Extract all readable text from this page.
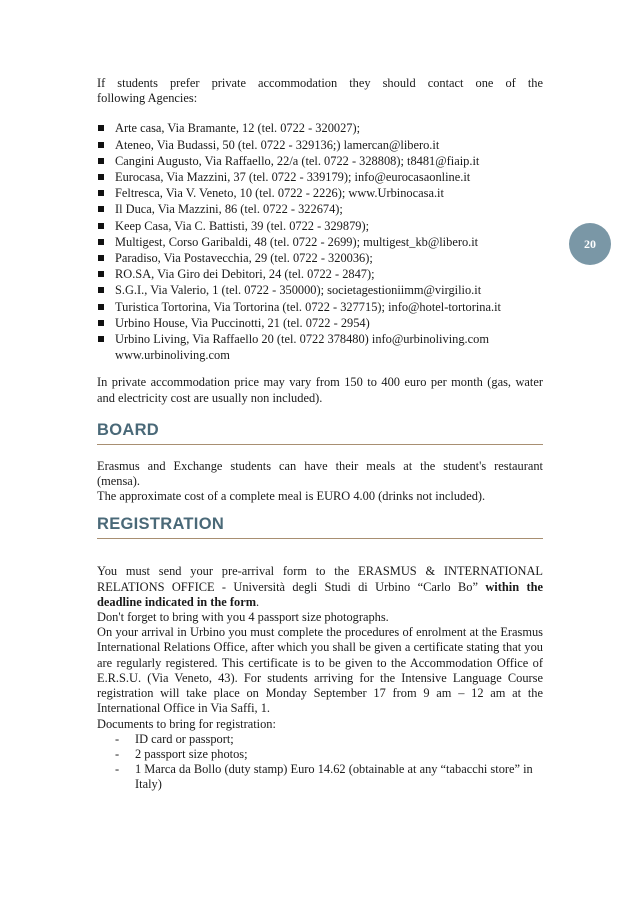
20

If students prefer private accommodation they should contact one of the

following Agencies:

Arte casa, Via Bramante, 12 (tel. 0722 - 320027);
Ateneo, Via Budassi, 50 (tel. 0722 - 329136;) lamercan@libero.it
Cangini Augusto, Via Raffaello, 22/a (tel. 0722 - 328808); t8481@fiaip.it
Eurocasa, Via Mazzini, 37 (tel. 0722 - 339179); info@eurocasaonline.it
Feltresca, Via V. Veneto, 10 (tel. 0722 - 2226); www.Urbinocasa.it
Il Duca, Via Mazzini, 86 (tel. 0722 - 322674);
Keep Casa, Via C. Battisti, 39 (tel. 0722 - 329879);
Multigest, Corso Garibaldi, 48 (tel. 0722 - 2699); multigest_kb@libero.it
Paradiso, Via Postavecchia, 29 (tel. 0722 - 320036);
RO.SA, Via Giro dei Debitori, 24 (tel. 0722 - 2847);
S.G.I., Via Valerio, 1 (tel. 0722 - 350000); societagestioniimm@virgilio.it
Turistica Tortorina, Via Tortorina (tel. 0722 - 327715); info@hotel-tortorina.it
Urbino House, Via Puccinotti, 21 (tel. 0722 - 2954)
Urbino Living, Via Raffaello 20 (tel. 0722 378480) info@urbinoliving.com www.urbinoliving.com

In private accommodation price may vary from 150 to 400 euro per month (gas, water and electricity cost are usually non included).

BOARD

Erasmus and Exchange students can have their meals at the student's restaurant

(mensa).

The approximate cost of a complete meal is EURO 4.00 (drinks not included).

REGISTRATION

You must send your pre-arrival form to the ERASMUS & INTERNATIONAL RELATIONS OFFICE - Università degli Studi di Urbino “Carlo Bo” within the deadline indicated in the form.

Don't forget to bring with you 4 passport size photographs.

On your arrival in Urbino you must complete the procedures of enrolment at the Erasmus International Relations Office, after which you shall be given a certificate stating that you are regularly registered. This certificate is to be given to the Accommodation Office of E.R.S.U. (Via Veneto, 43). For students arriving for the Intensive Language Course registration will take place on Monday September 17 from 9 am – 12 am at the International Office in Via Saffi, 1.

Documents to bring for registration:

- ID card or passport;
- 2 passport size photos;
- 1 Marca da Bollo (duty stamp) Euro 14.62 (obtainable at any “tabacchi store” in Italy)
